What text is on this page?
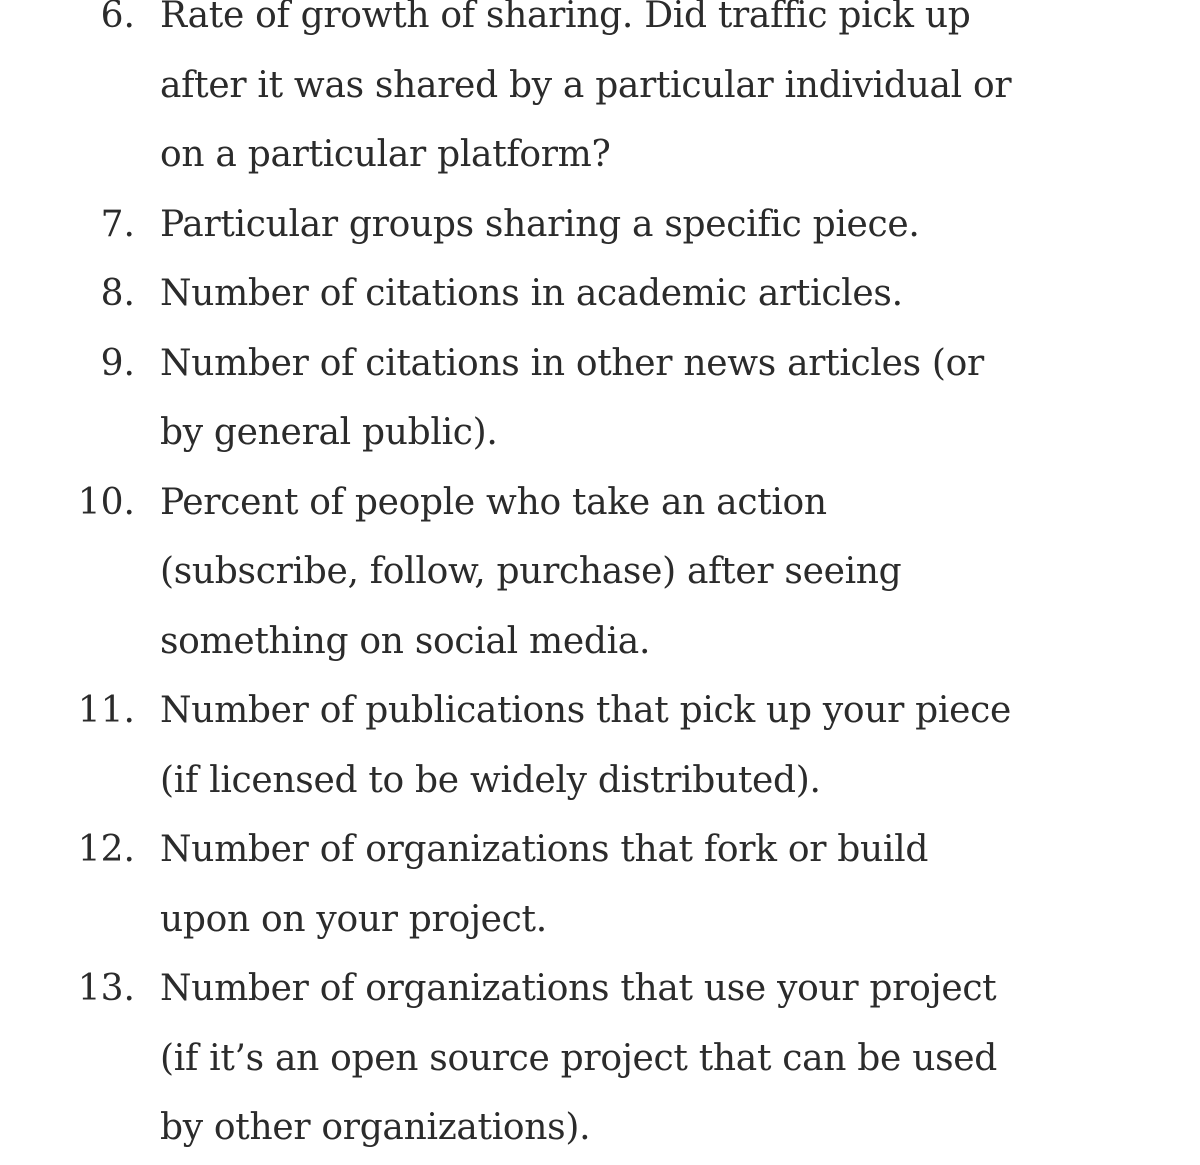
6. Rate of growth of sharing. Did traffic pick up
after it was shared by a particular individual or
on a particular platform?
7. Particular groups sharing a specific piece.
8. Number of citations in academic articles.
9. Number of citations in other news articles (or
by general public).
10. Percent of people who take an action
(subscribe, follow, purchase) after seeing
something on social media.
11. Number of publications that pick up your piece
(if licensed to be widely distributed).
12. Number of organizations that fork or build
upon on your project.
13. Number of organizations that use your project
(if it’s an open source project that can be used
by other organizations).
